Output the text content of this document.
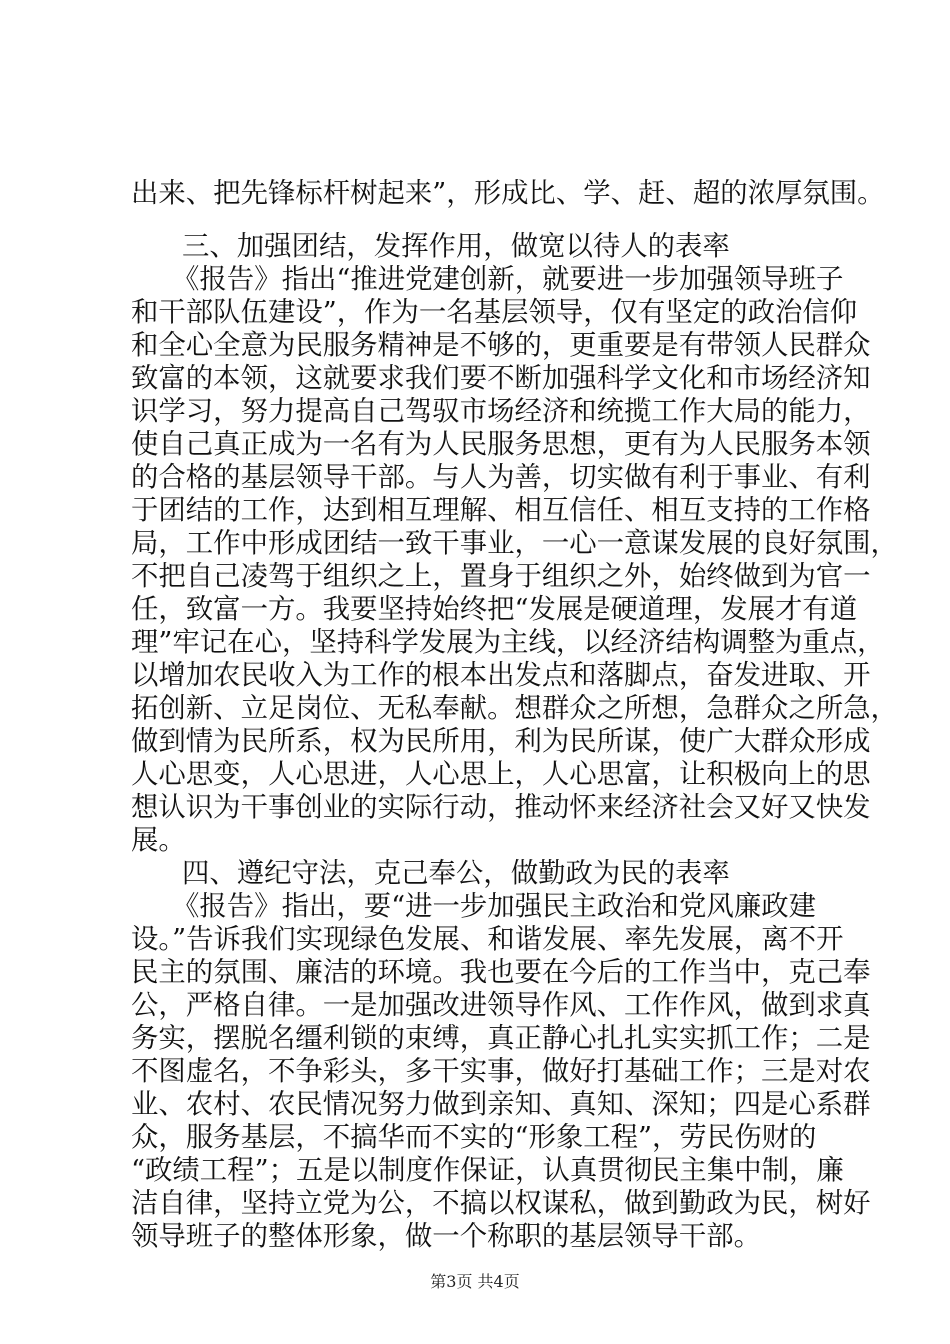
出来、把先锋标杆树起来”，形成比、学、赶、超的浓厚氛围。
三、加强团结，发挥作用，做宽以待人的表率
《报告》指出“推进党建创新，就要进一步加强领导班子
和干部队伍建设”，作为一名基层领导，仅有坚定的政治信仰
和全心全意为民服务精神是不够的，更重要是有带领人民群众
致富的本领，这就要求我们要不断加强科学文化和市场经济知
识学习，努力提高自己驾驭市场经济和统揽工作大局的能力，
使自己真正成为一名有为人民服务思想，更有为人民服务本领
的合格的基层领导干部。与人为善，切实做有利于事业、有利
于团结的工作，达到相互理解、相互信任、相互支持的工作格
局，工作中形成团结一致干事业，一心一意谋发展的良好氛围，
不把自己凌驾于组织之上，置身于组织之外，始终做到为官一
任，致富一方。我要坚持始终把“发展是硬道理，发展才有道
理”牢记在心，坚持科学发展为主线，以经济结构调整为重点，
以增加农民收入为工作的根本出发点和落脚点，奋发进取、开
拓创新、立足岗位、无私奉献。想群众之所想，急群众之所急，
做到情为民所系，权为民所用，利为民所谋，使广大群众形成
人心思变，人心思进，人心思上，人心思富，让积极向上的思
想认识为干事创业的实际行动，推动怀来经济社会又好又快发
展。
四、遵纪守法，克己奉公，做勤政为民的表率
《报告》指出，要“进一步加强民主政治和党风廉政建
设。”告诉我们实现绿色发展、和谐发展、率先发展，离不开
民主的氛围、廉洁的环境。我也要在今后的工作当中，克己奉
公，严格自律。一是加强改进领导作风、工作作风，做到求真
务实，摆脱名缰利锁的束缚，真正静心扎扎实实抓工作；二是
不图虚名，不争彩头，多干实事，做好打基础工作；三是对农
业、农村、农民情况努力做到亲知、真知、深知；四是心系群
众，服务基层，不搞华而不实的“形象工程”，劳民伤财的
“政绩工程”；五是以制度作保证，认真贯彻民主集中制，廉
洁自律，坚持立党为公，不搞以权谋私，做到勤政为民，树好
领导班子的整体形象，做一个称职的基层领导干部。
第3页 共4页
